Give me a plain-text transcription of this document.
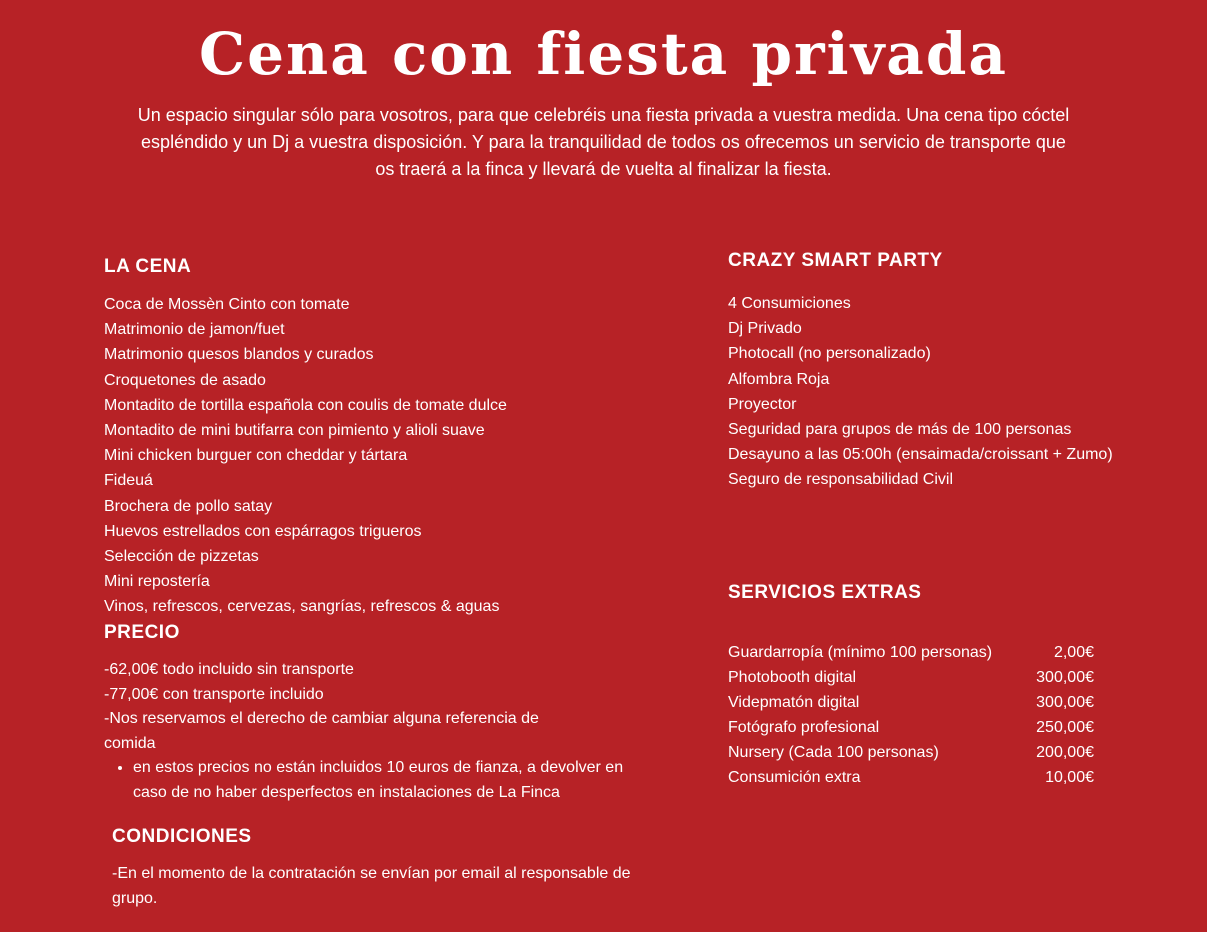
Cena con fiesta privada

Un espacio singular sólo para vosotros, para que celebréis una fiesta privada a vuestra medida. Una cena tipo cóctel
espléndido y un Dj a vuestra disposición. Y para la tranquilidad de todos os ofrecemos un servicio de transporte que
os traerá a la finca y llevará de vuelta al finalizar la fiesta.

LA CENA
Coca de Mossèn Cinto con tomate
Matrimonio de jamon/fuet
Matrimonio quesos blandos y curados
Croquetones de asado
Montadito de tortilla española con coulis de tomate dulce
Montadito de mini butifarra con pimiento y alioli suave
Mini chicken burguer con cheddar y tártara
Fideuá
Brochera de pollo satay
Huevos estrellados con espárragos trigueros
Selección de pizzetas
Mini repostería
Vinos, refrescos, cervezas, sangrías, refrescos & aguas
PRECIO
-62,00€ todo incluido sin transporte
-77,00€ con transporte incluido
-Nos reservamos el derecho de cambiar alguna referencia de comida
• en estos precios no están incluidos 10 euros de fianza, a devolver en caso de no haber desperfectos en instalaciones de La Finca
CONDICIONES

-En el momento de la contratación se envían por email al responsable de grupo.

CRAZY SMART PARTY
4 Consumiciones
Dj Privado
Photocall (no personalizado)
Alfombra Roja
Proyector
Seguridad para grupos de más de 100 personas
Desayuno a las 05:00h (ensaimada/croissant + Zumo)
Seguro de responsabilidad Civil
SERVICIOS EXTRAS
Guardarropía (mínimo 100 personas)	2,00€
Photobooth digital	300,00€
Videpmatón digital	300,00€
Fotógrafo profesional	250,00€
Nursery (Cada 100 personas)	200,00€
Consumición extra	10,00€
